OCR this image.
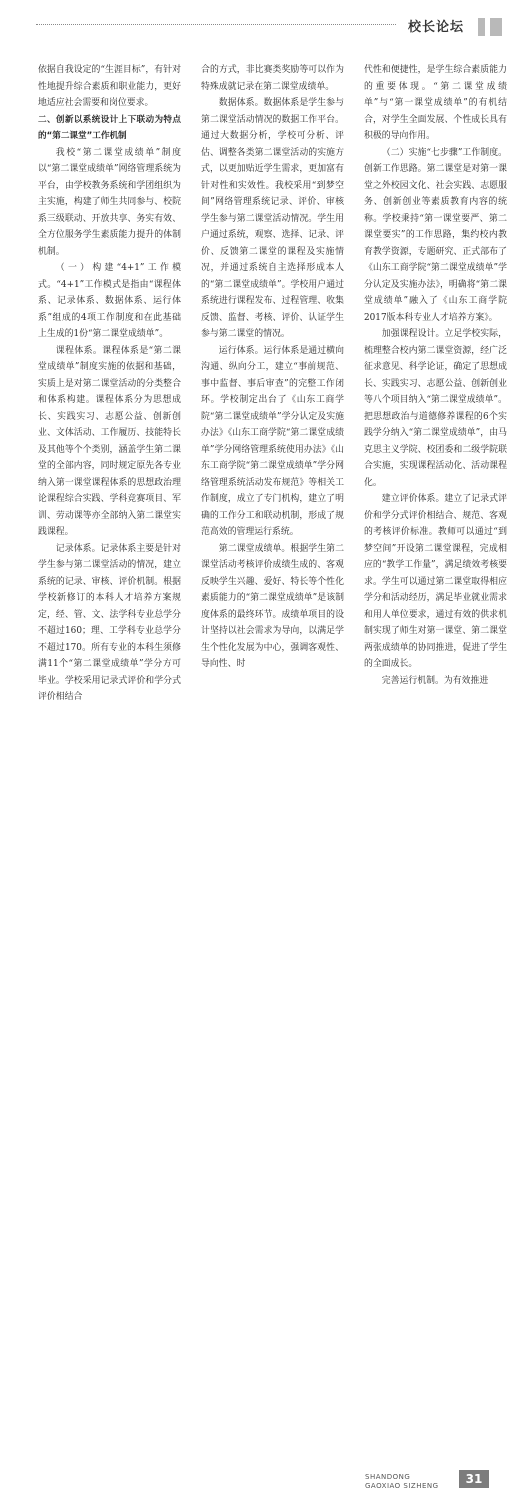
校长论坛

依据自我设定的“生涯目标”，有针对性地提升综合素质和职业能力，更好地适应社会需要和岗位要求。

二、创新以系统设计上下联动为特点的“第二课堂”工作机制

我校“第二课堂成绩单”制度以“第二课堂成绩单”网络管理系统为平台，由学校教务系统和学团组织为主实施，构建了师生共同参与、校院系三级联动、开放共享、务实有效、全方位服务学生素质能力提升的体制机制。

（一）构建“4+1”工作模式。“4+1”工作模式是指由“课程体系、记录体系、数据体系、运行体系”组成的4项工作制度和在此基础上生成的1份“第二课堂成绩单”。

课程体系。课程体系是“第二课堂成绩单”制度实施的依据和基础，实质上是对第二课堂活动的分类整合和体系构建。课程体系分为思想成长、实践实习、志愿公益、创新创业、文体活动、工作履历、技能特长及其他等个个类别，涵盖学生第二课堂的全部内容，同时规定原先各专业纳入第一课堂课程体系的思想政治理论课程综合实践、学科竞赛项目、军训、劳动课等亦全部纳入第二课堂实践课程。

记录体系。记录体系主要是针对学生参与第二课堂活动的情况，建立系统的记录、审核、评价机制。根据学校新修订的本科人才培养方案规定，经、管、文、法学科专业总学分不超过160；理、工学科专业总学分不超过170。所有专业的本科生须修满11个“第二课堂成绩单”学分方可毕业。学校采用记录式评价和学分式评价相结合

合的方式，非比赛类奖励等可以作为特殊成就记录在第二课堂成绩单。

数据体系。数据体系是学生参与第二课堂活动情况的数据工作平台。通过大数据分析，学校可分析、评估、调整各类第二课堂活动的实施方式，以更加贴近学生需求，更加富有针对性和实效性。我校采用“到梦空间”网络管理系统记录、评价、审核学生参与第二课堂活动情况。学生用户通过系统，观察、选择、记录、评价、反馈第二课堂的课程及实施情况，并通过系统自主选择形成本人的“第二课堂成绩单”。学校用户通过系统进行课程发布、过程管理、收集反馈、监督、考核、评价、认证学生参与第二课堂的情况。

运行体系。运行体系是通过横向沟通、纵向分工，建立“事前规范、事中监督、事后审查”的完整工作闭环。学校制定出台了《山东工商学院“第二课堂成绩单”学分认定及实施办法》《山东工商学院“第二课堂成绩单”学分网络管理系统使用办法》《山东工商学院“第二课堂成绩单”学分网络管理系统活动发布规范》等相关工作制度，成立了专门机构，建立了明确的工作分工和联动机制，形成了规范高效的管理运行系统。

第二课堂成绩单。根据学生第二课堂活动考核评价成绩生成的、客观反映学生兴趣、爱好、特长等个性化素质能力的“第二课堂成绩单”是该制度体系的最终环节。成绩单项目的设计坚持以社会需求为导向，以满足学生个性化发展为中心，强调客观性、导向性、时

代性和便捷性，是学生综合素质能力的重要体现。“第二课堂成绩单”与“第一课堂成绩单”的有机结合，对学生全面发展、个性成长具有积极的导向作用。

（二）实施“七步骤”工作制度。创新工作思路。第二课堂是对第一课堂之外校园文化、社会实践、志愿服务、创新创业等素质教育内容的统称。学校秉持“第一课堂要严、第二课堂要实”的工作思路，集约校内教育教学资源，专题研究、正式部布了《山东工商学院“第二课堂成绩单”学分认定及实施办法》，明确将“第二课堂成绩单”融入了《山东工商学院2017版本科专业人才培养方案》。

加强课程设计。立足学校实际，梳理整合校内第二课堂资源，经广泛征求意见、科学论证，确定了思想成长、实践实习、志愿公益、创新创业等八个项目纳入“第二课堂成绩单”。把思想政治与道德修养课程的6个实践学分纳入“第二课堂成绩单”，由马克思主义学院、校团委和二级学院联合实施，实现课程活动化、活动课程化。

建立评价体系。建立了记录式评价和学分式评价相结合、规范、客观的考核评价标准。教师可以通过“到梦空间”开设第二课堂课程，完成相应的“教学工作量”，满足绩效考核要求。学生可以通过第二课堂取得相应学分和活动经历，满足毕业就业需求和用人单位要求，通过有效的供求机制实现了师生对第一课堂、第二课堂两张成绩单的协同推进，促进了学生的全面成长。

完善运行机制。为有效推进

SHANDONG
GAOXIAO SIZHENG	31
